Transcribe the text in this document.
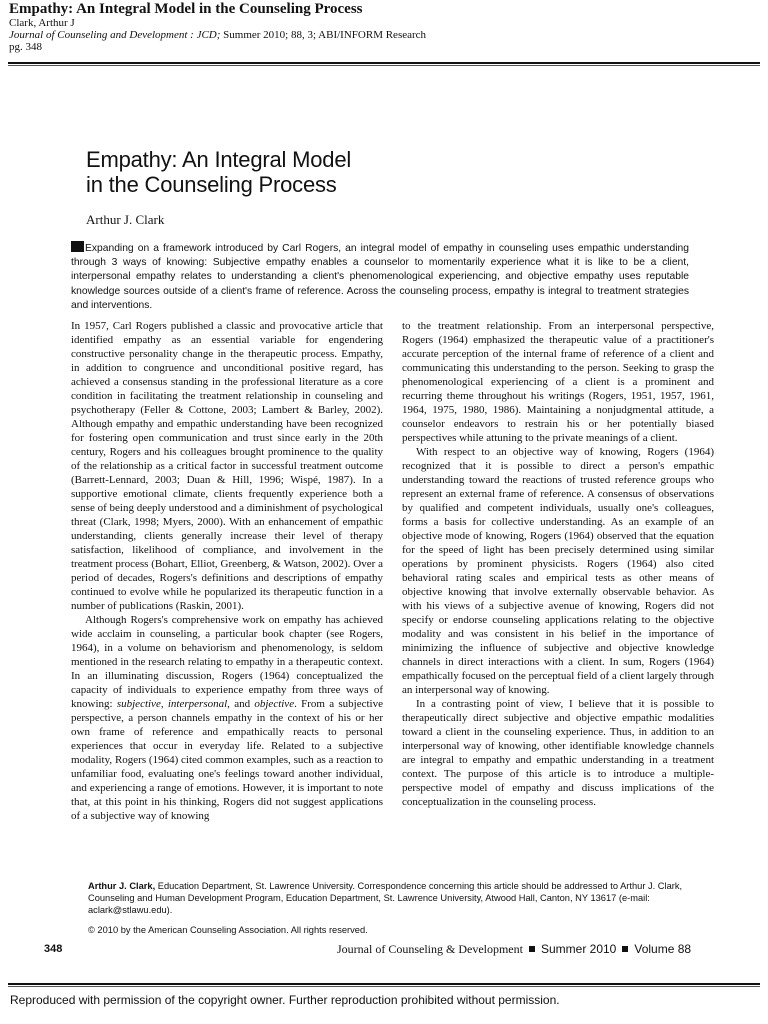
Empathy: An Integral Model in the Counseling Process
Clark, Arthur J
Journal of Counseling and Development : JCD; Summer 2010; 88, 3; ABI/INFORM Research
pg. 348
Empathy: An Integral Model
in the Counseling Process
Arthur J. Clark
Expanding on a framework introduced by Carl Rogers, an integral model of empathy in counseling uses empathic understanding through 3 ways of knowing: Subjective empathy enables a counselor to momentarily experience what it is like to be a client, interpersonal empathy relates to understanding a client's phenomenological experiencing, and objective empathy uses reputable knowledge sources outside of a client's frame of reference. Across the counseling process, empathy is integral to treatment strategies and interventions.

In 1957, Carl Rogers published a classic and provocative article that identified empathy as an essential variable for engendering constructive personality change in the therapeutic process. Empathy, in addition to congruence and unconditional positive regard, has achieved a consensus standing in the professional literature as a core condition in facilitating the treatment relationship in counseling and psychotherapy (Feller & Cottone, 2003; Lambert & Barley, 2002). Although empathy and empathic understanding have been recognized for fostering open communication and trust since early in the 20th century, Rogers and his colleagues brought prominence to the quality of the relationship as a critical factor in successful treatment outcome (Barrett-Lennard, 2003; Duan & Hill, 1996; Wispé, 1987). In a supportive emotional climate, clients frequently experience both a sense of being deeply understood and a diminishment of psychological threat (Clark, 1998; Myers, 2000). With an enhancement of empathic understanding, clients generally increase their level of therapy satisfaction, likelihood of compliance, and involvement in the treatment process (Bohart, Elliot, Greenberg, & Watson, 2002). Over a period of decades, Rogers's definitions and descriptions of empathy continued to evolve while he popularized its therapeutic function in a number of publications (Raskin, 2001).

Although Rogers's comprehensive work on empathy has achieved wide acclaim in counseling, a particular book chapter (see Rogers, 1964), in a volume on behaviorism and phenomenology, is seldom mentioned in the research relating to empathy in a therapeutic context. In an illuminating discussion, Rogers (1964) conceptualized the capacity of individuals to experience empathy from three ways of knowing: subjective, interpersonal, and objective. From a subjective perspective, a person channels empathy in the context of his or her own frame of reference and empathically reacts to personal experiences that occur in everyday life. Related to a subjective modality, Rogers (1964) cited common examples, such as a reaction to unfamiliar food, evaluating one's feelings toward another individual, and experiencing a range of emotions. However, it is important to note that, at this point in his thinking, Rogers did not suggest applications of a subjective way of knowing

to the treatment relationship. From an interpersonal perspective, Rogers (1964) emphasized the therapeutic value of a practitioner's accurate perception of the internal frame of reference of a client and communicating this understanding to the person. Seeking to grasp the phenomenological experiencing of a client is a prominent and recurring theme throughout his writings (Rogers, 1951, 1957, 1961, 1964, 1975, 1980, 1986). Maintaining a nonjudgmental attitude, a counselor endeavors to restrain his or her potentially biased perspectives while attuning to the private meanings of a client.

With respect to an objective way of knowing, Rogers (1964) recognized that it is possible to direct a person's empathic understanding toward the reactions of trusted reference groups who represent an external frame of reference. A consensus of observations by qualified and competent individuals, usually one's colleagues, forms a basis for collective understanding. As an example of an objective mode of knowing, Rogers (1964) observed that the equation for the speed of light has been precisely determined using similar operations by prominent physicists. Rogers (1964) also cited behavioral rating scales and empirical tests as other means of objective knowing that involve externally observable behavior. As with his views of a subjective avenue of knowing, Rogers did not specify or endorse counseling applications relating to the objective modality and was consistent in his belief in the importance of minimizing the influence of subjective and objective knowledge channels in direct interactions with a client. In sum, Rogers (1964) empathically focused on the perceptual field of a client largely through an interpersonal way of knowing.

In a contrasting point of view, I believe that it is possible to therapeutically direct subjective and objective empathic modalities toward a client in the counseling experience. Thus, in addition to an interpersonal way of knowing, other identifiable knowledge channels are integral to empathy and empathic understanding in a treatment context. The purpose of this article is to introduce a multiple-perspective model of empathy and discuss implications of the conceptualization in the counseling process.

Arthur J. Clark, Education Department, St. Lawrence University. Correspondence concerning this article should be addressed to Arthur J. Clark, Counseling and Human Development Program, Education Department, St. Lawrence University, Atwood Hall, Canton, NY 13617 (e-mail: aclark@stlawu.edu).
© 2010 by the American Counseling Association. All rights reserved.
348	Journal of Counseling & Development Summer 2010 Volume 88
Reproduced with permission of the copyright owner. Further reproduction prohibited without permission.
